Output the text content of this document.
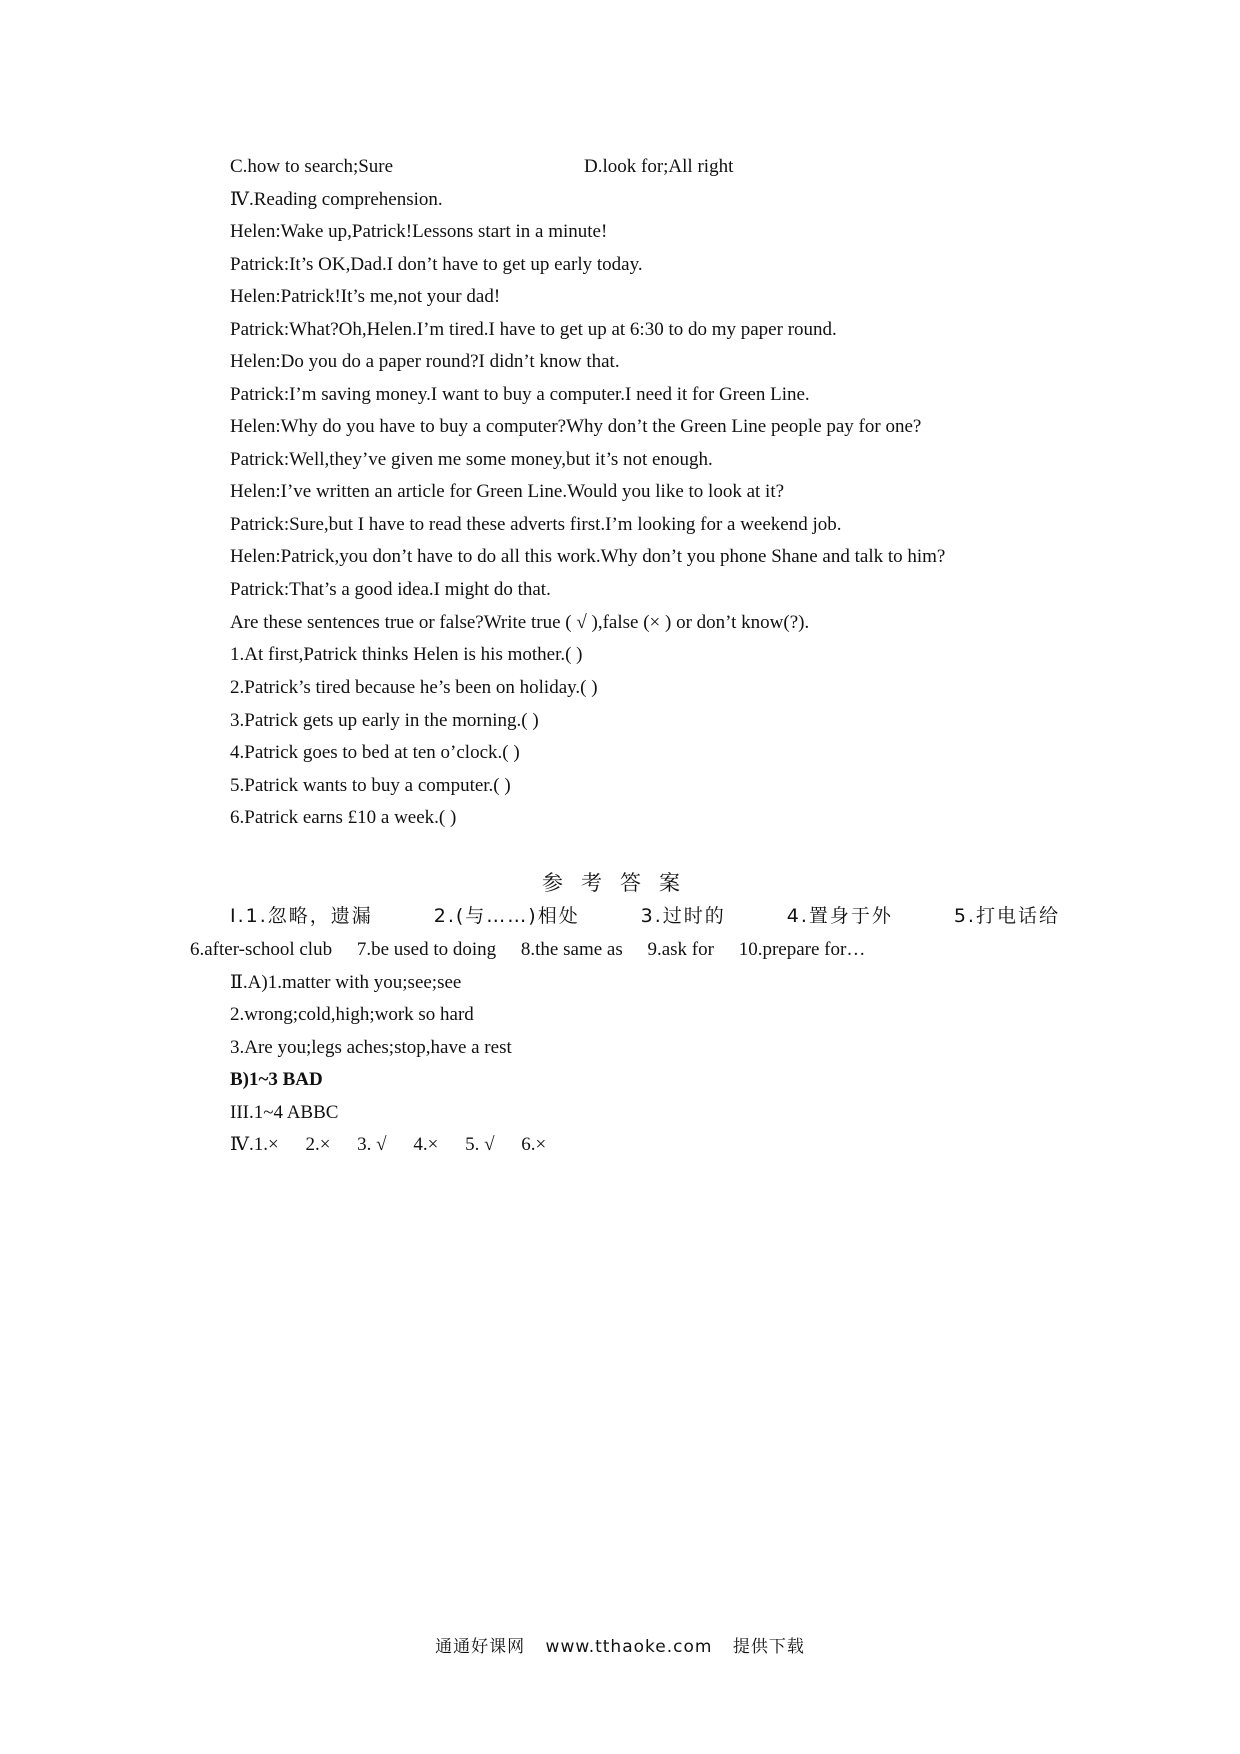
C.how to search;Sure	D.look for;All right
Ⅳ.Reading comprehension.
Helen:Wake up,Patrick!Lessons start in a minute!
Patrick:It’s OK,Dad.I don’t have to get up early today.
Helen:Patrick!It’s me,not your dad!
Patrick:What?Oh,Helen.I’m tired.I have to get up at 6:30 to do my paper round.
Helen:Do you do a paper round?I didn’t know that.
Patrick:I’m saving money.I want to buy a computer.I need it for Green Line.
Helen:Why do you have to buy a computer?Why don’t the Green Line people pay for one?
Patrick:Well,they’ve given me some money,but it’s not enough.
Helen:I’ve written an article for Green Line.Would you like to look at it?
Patrick:Sure,but I have to read these adverts first.I’m looking for a weekend job.
Helen:Patrick,you don’t have to do all this work.Why don’t you phone Shane and talk to him?
Patrick:That’s a good idea.I might do that.
Are these sentences true or false?Write true ( √ ),false (× ) or don’t know(?).
1.At first,Patrick thinks Helen is his mother.( )
2.Patrick’s tired because he’s been on holiday.( )
3.Patrick gets up early in the morning.( )
4.Patrick goes to bed at ten o’clock.( )
5.Patrick wants to buy a computer.( )
6.Patrick earns £10 a week.( )
参考答案
Ⅰ.1.忽略，遗漏	2.(与……)相处	3.过时的	4.置身于外	5.打电话给
6.after-school club 7.be used to doing 8.the same as 9.ask for 10.prepare for…
Ⅱ.A)1.matter with you;see;see
2.wrong;cold,high;work so hard
3.Are you;legs aches;stop,have a rest
B)1~3 BAD
III.1~4 ABBC
Ⅳ.1.× 2.× 3. √ 4.× 5. √ 6.×
通通好课网 www.tthaoke.com 提供下载
